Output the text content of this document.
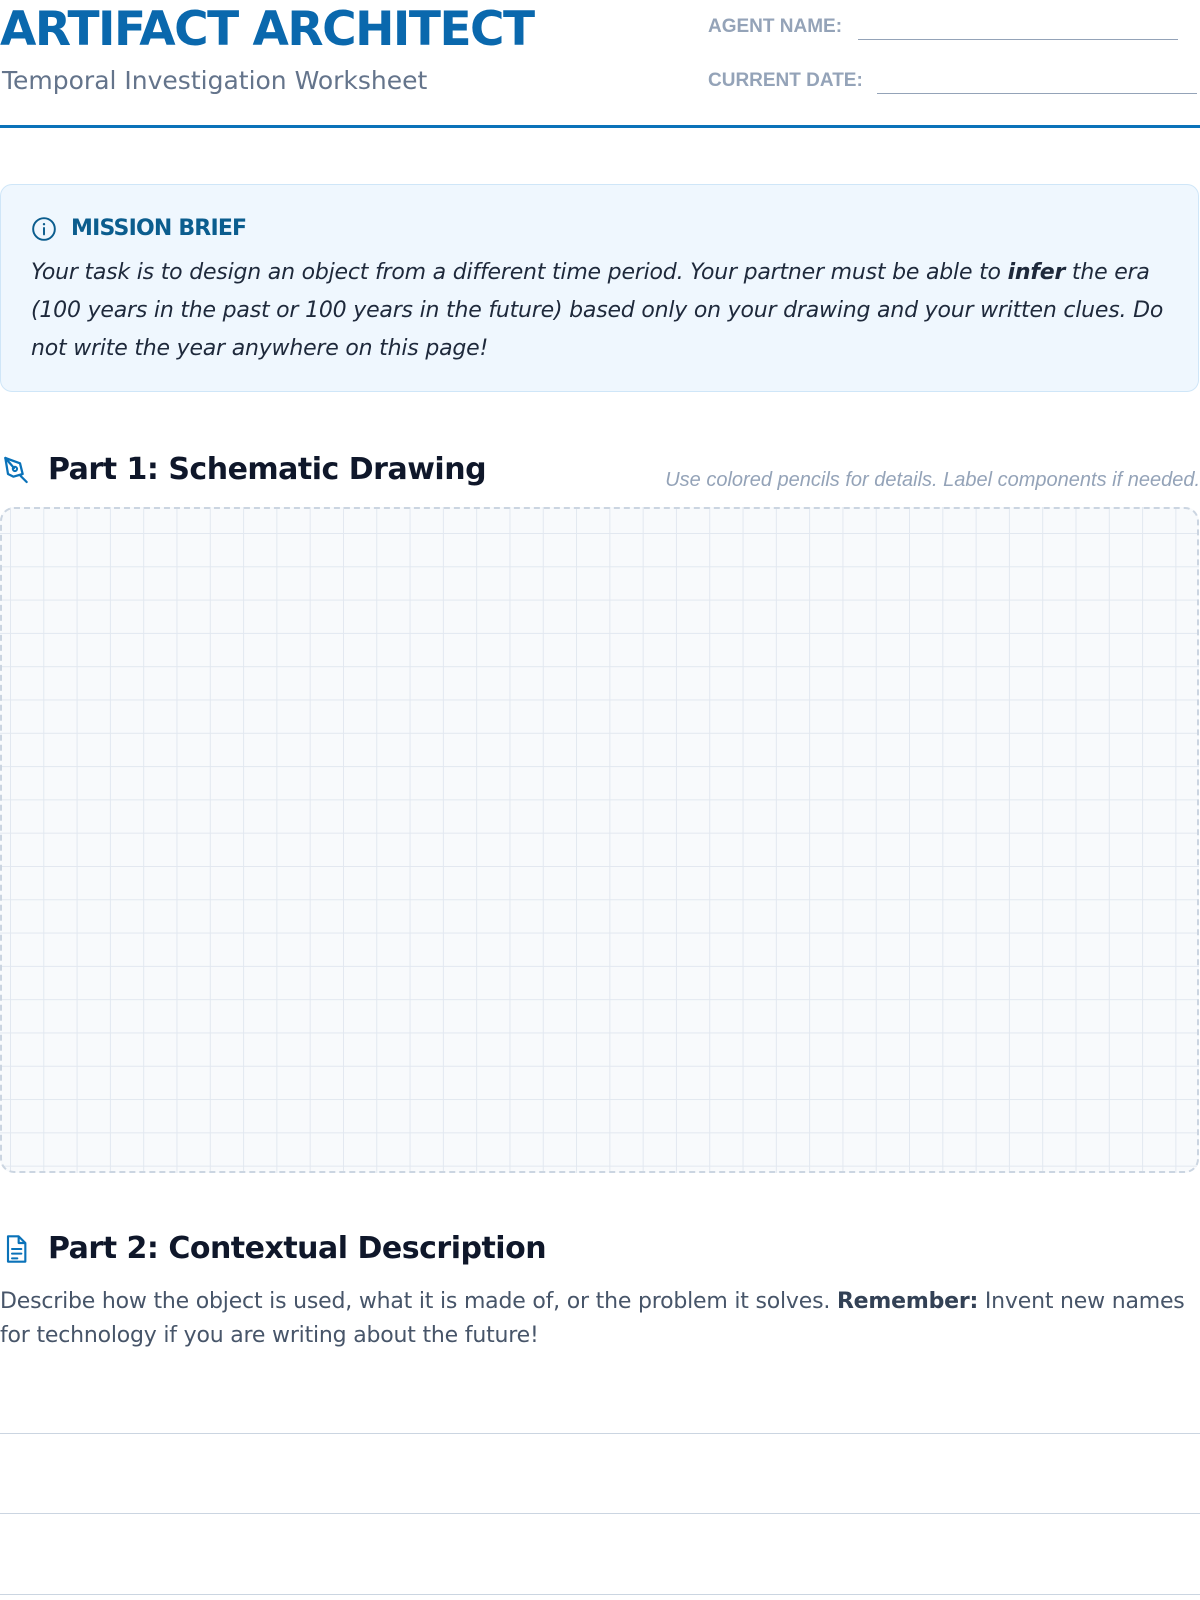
ARTIFACT ARCHITECT
Temporal Investigation Worksheet
AGENT NAME:
CURRENT DATE:
MISSION BRIEF

Your task is to design an object from a different time period. Your partner must be able to infer the era (100 years in the past or 100 years in the future) based only on your drawing and your written clues. Do not write the year anywhere on this page!

Part 1: Schematic Drawing	Use colored pencils for details. Label components if needed.
Part 2: Contextual Description

Describe how the object is used, what it is made of, or the problem it solves. Remember: Invent new names for technology if you are writing about the future!
